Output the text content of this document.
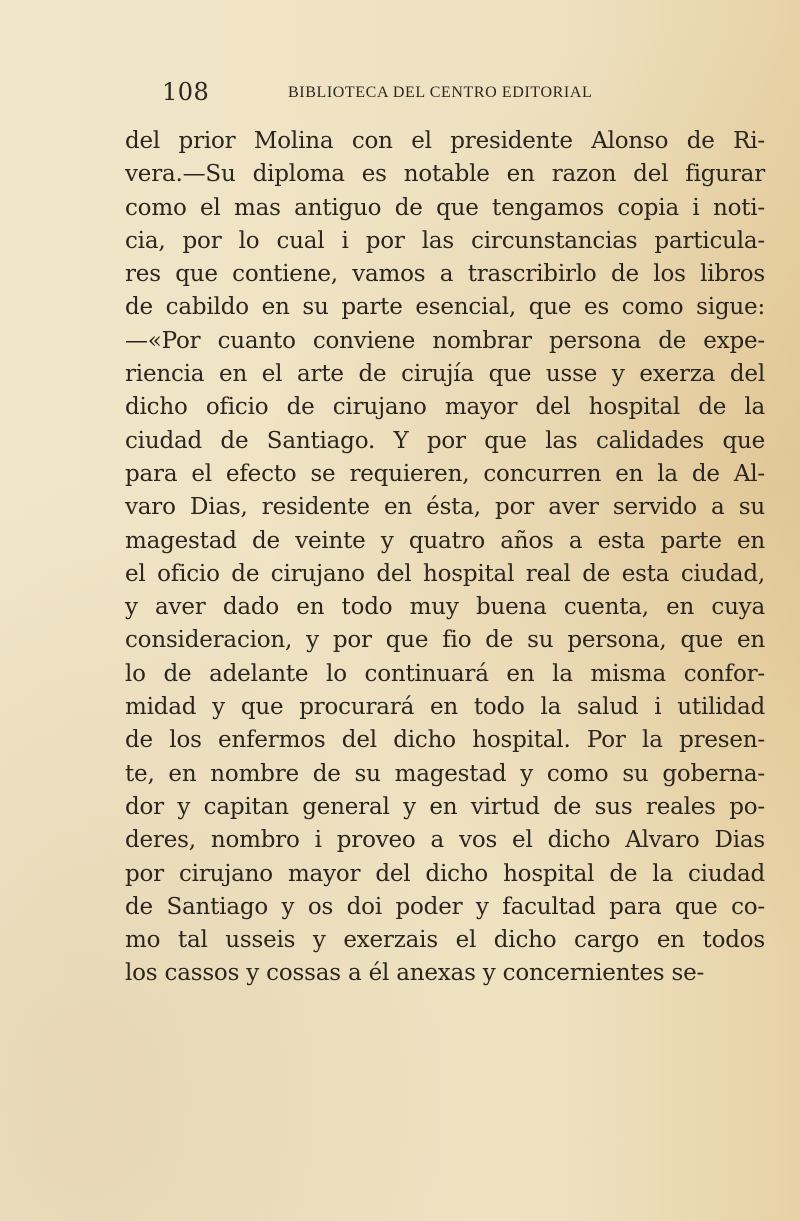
108	BIBLIOTECA DEL CENTRO EDITORIAL
del prior Molina con el presidente Alonso de Ri-
vera.—Su diploma es notable en razon del figurar
como el mas antiguo de que tengamos copia i noti-
cia, por lo cual i por las circunstancias particula-
res que contiene, vamos a trascribirlo de los libros
de cabildo en su parte esencial, que es como sigue:
—«Por cuanto conviene nombrar persona de expe-
riencia en el arte de cirujía que usse y exerza del
dicho oficio de cirujano mayor del hospital de la
ciudad de Santiago. Y por que las calidades que
para el efecto se requieren, concurren en la de Al-
varo Dias, residente en ésta, por aver servido a su
magestad de veinte y quatro años a esta parte en
el oficio de cirujano del hospital real de esta ciudad,
y aver dado en todo muy buena cuenta, en cuya
consideracion, y por que fio de su persona, que en
lo de adelante lo continuará en la misma confor-
midad y que procurará en todo la salud i utilidad
de los enfermos del dicho hospital. Por la presen-
te, en nombre de su magestad y como su goberna-
dor y capitan general y en virtud de sus reales po-
deres, nombro i proveo a vos el dicho Alvaro Dias
por cirujano mayor del dicho hospital de la ciudad
de Santiago y os doi poder y facultad para que co-
mo tal usseis y exerzais el dicho cargo en todos
los cassos y cossas a él anexas y concernientes se-
